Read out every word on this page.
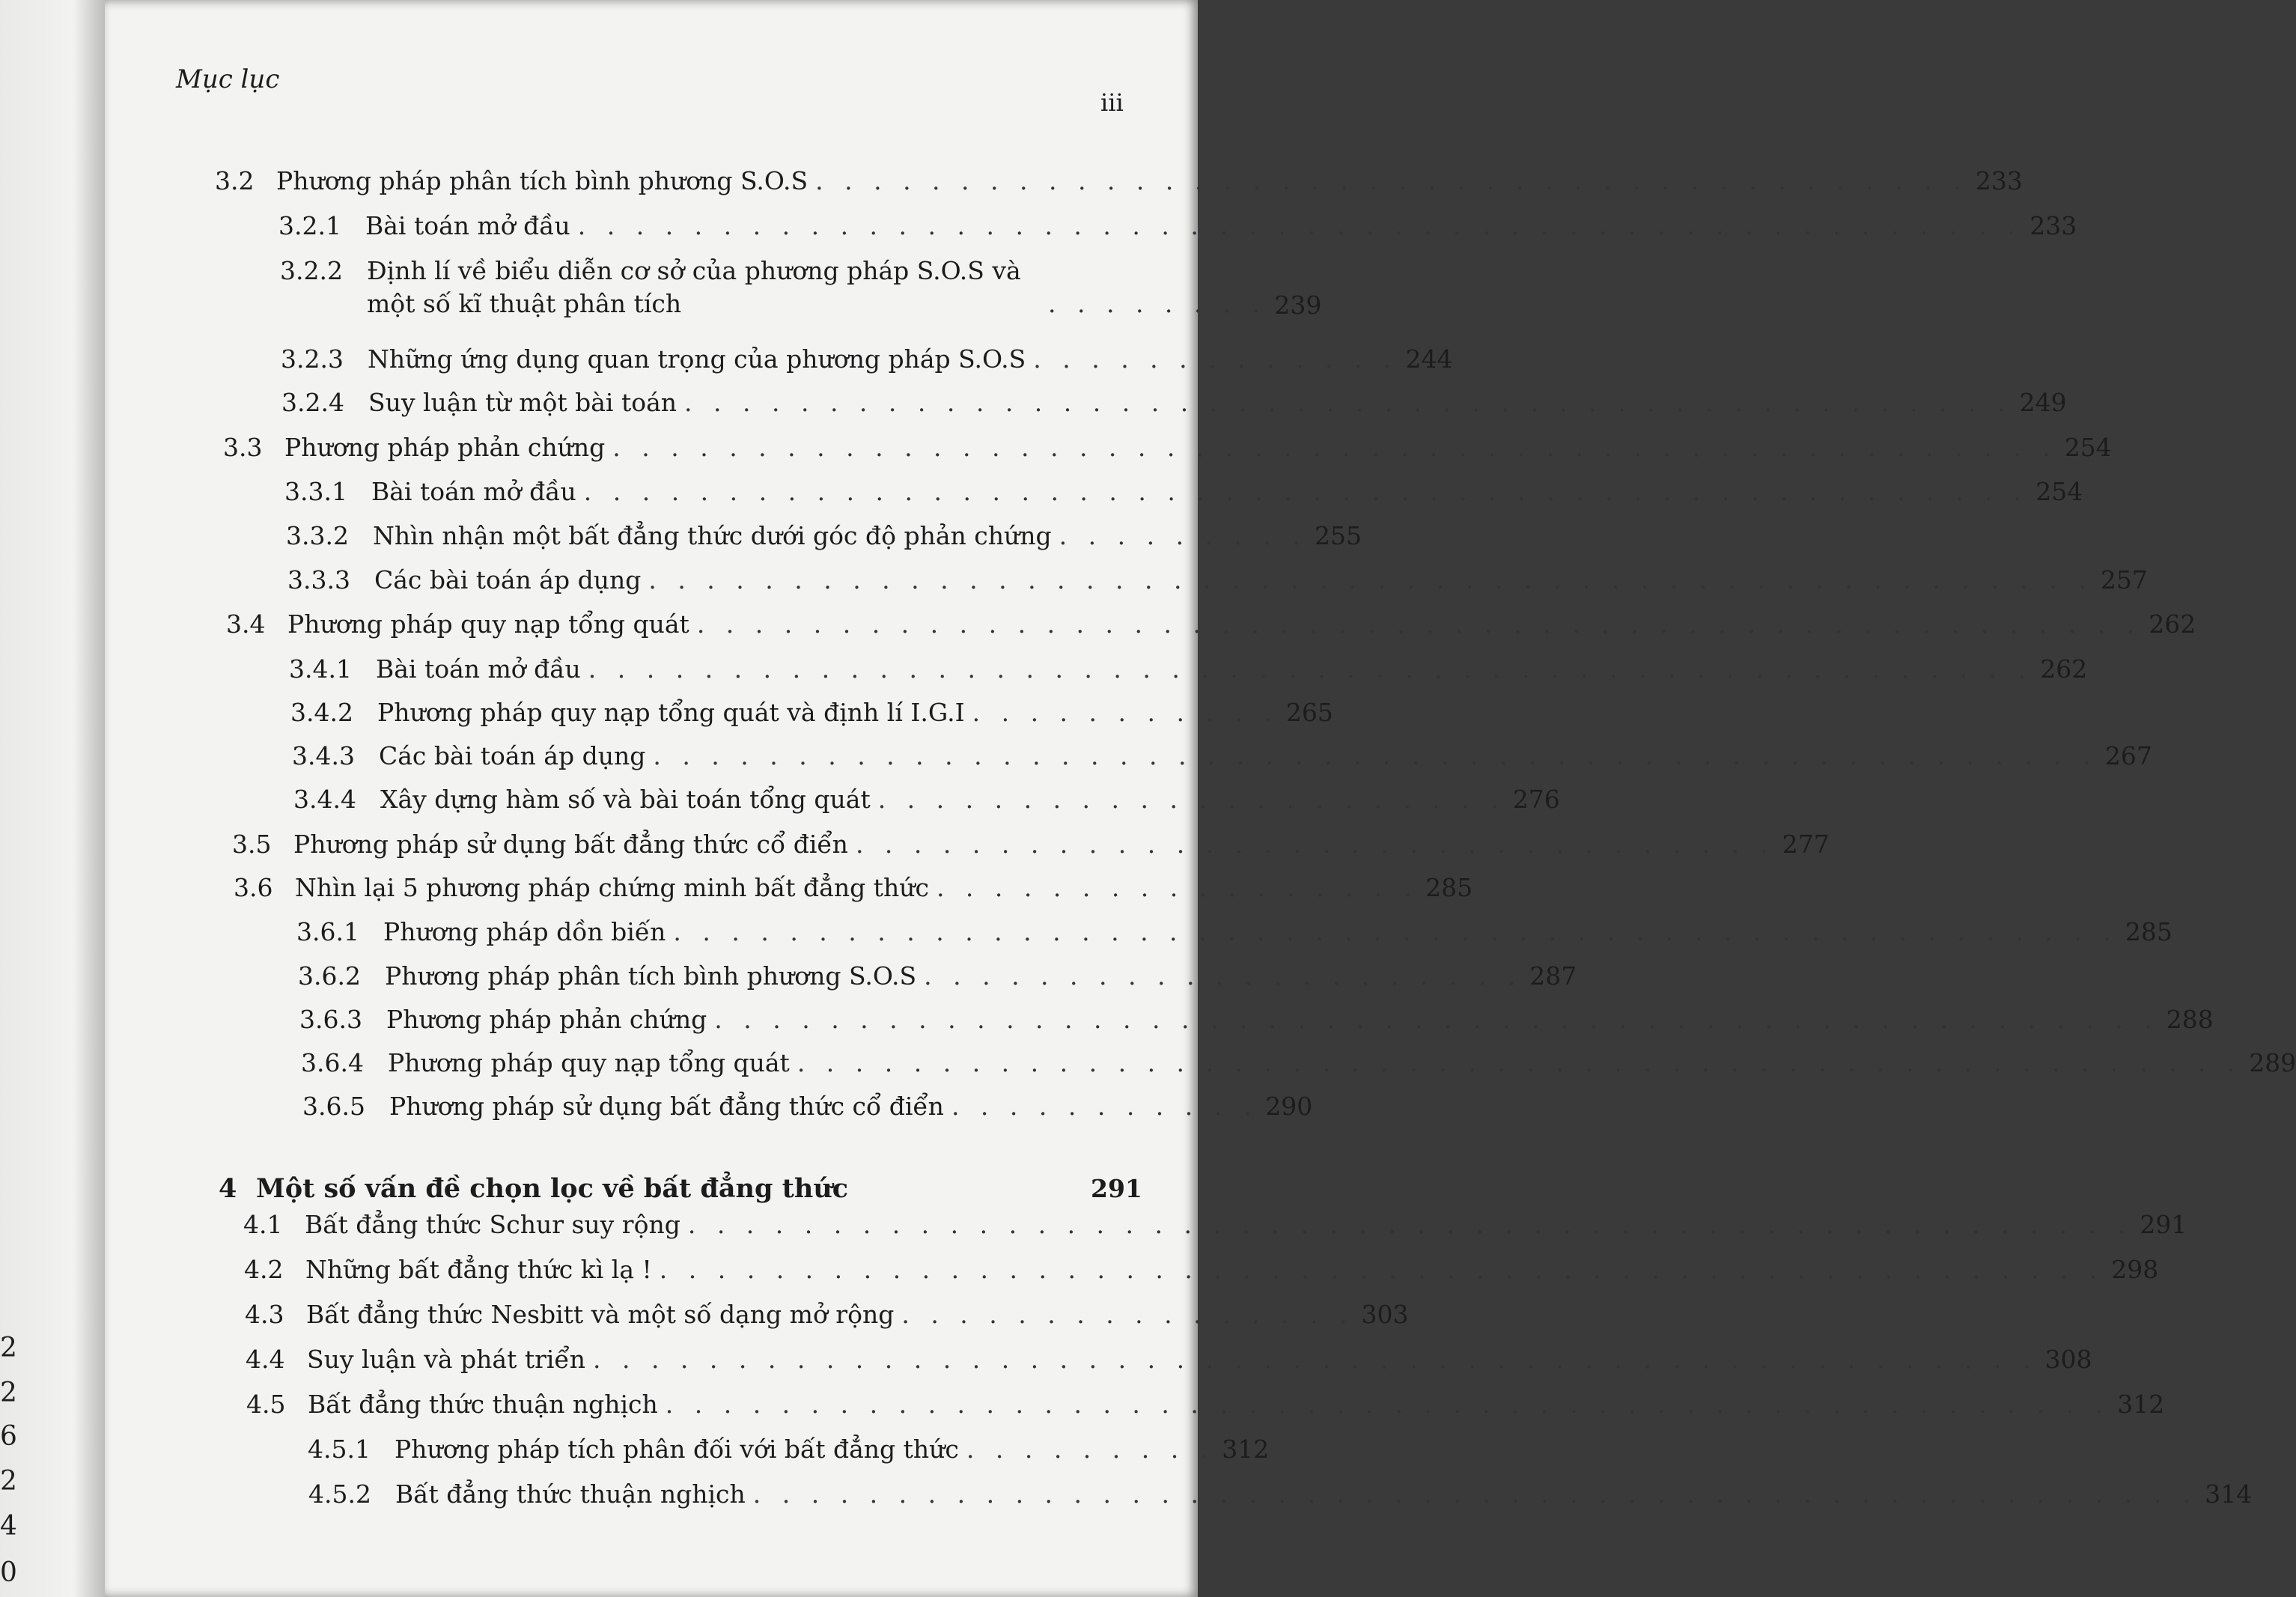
2
2
6
2
4
0
Mục lục
iii
3.2 Phương pháp phân tích bình phương S.O.S . . . . . . . . . . . . . . . . . . . . . . . . . . . . . . . . . . . . . . . . 233
3.2.1 Bài toán mở đầu . . . . . . . . . . . . . . . . . . . . . . . . . . . . . . . . . . . . . . . . . . . . . . . . . . 233
3.2.2 Định lí về biểu diễn cơ sở của phương pháp S.O.S và một số kĩ thuật phân tích	. . . . . . . . 239
3.2.3 Những ứng dụng quan trọng của phương pháp S.O.S . . . . . . . . . . . . . 244
3.2.4 Suy luận từ một bài toán . . . . . . . . . . . . . . . . . . . . . . . . . . . . . . . . . . . . . . . . . . . . . . 249
3.3 Phương pháp phản chứng . . . . . . . . . . . . . . . . . . . . . . . . . . . . . . . . . . . . . . . . . . . . . . . . . . 254
3.3.1 Bài toán mở đầu . . . . . . . . . . . . . . . . . . . . . . . . . . . . . . . . . . . . . . . . . . . . . . . . . . 254
3.3.2 Nhìn nhận một bất đẳng thức dưới góc độ phản chứng . . . . . . . . . 255
3.3.3 Các bài toán áp dụng . . . . . . . . . . . . . . . . . . . . . . . . . . . . . . . . . . . . . . . . . . . . . . . . . . 257
3.4 Phương pháp quy nạp tổng quát . . . . . . . . . . . . . . . . . . . . . . . . . . . . . . . . . . . . . . . . . . . . . . . . . . 262
3.4.1 Bài toán mở đầu . . . . . . . . . . . . . . . . . . . . . . . . . . . . . . . . . . . . . . . . . . . . . . . . . . 262
3.4.2 Phương pháp quy nạp tổng quát và định lí I.G.I . . . . . . . . . . . 265
3.4.3 Các bài toán áp dụng . . . . . . . . . . . . . . . . . . . . . . . . . . . . . . . . . . . . . . . . . . . . . . . . . . 267
3.4.4 Xây dựng hàm số và bài toán tổng quát . . . . . . . . . . . . . . . . . . . . . . 276
3.5 Phương pháp sử dụng bất đẳng thức cổ điển . . . . . . . . . . . . . . . . . . . . . . . . . . . . . . . . 277
3.6 Nhìn lại 5 phương pháp chứng minh bất đẳng thức . . . . . . . . . . . . . . . . . 285
3.6.1 Phương pháp dồn biến . . . . . . . . . . . . . . . . . . . . . . . . . . . . . . . . . . . . . . . . . . . . . . . . . . 285
3.6.2 Phương pháp phân tích bình phương S.O.S . . . . . . . . . . . . . . . . . . . . . 287
3.6.3 Phương pháp phản chứng . . . . . . . . . . . . . . . . . . . . . . . . . . . . . . . . . . . . . . . . . . . . . . . . . . 288
3.6.4 Phương pháp quy nạp tổng quát . . . . . . . . . . . . . . . . . . . . . . . . . . . . . . . . . . . . . . . . . . . . . . . . . . 289
3.6.5 Phương pháp sử dụng bất đẳng thức cổ điển . . . . . . . . . . . 290
4 Một số vấn đề chọn lọc về bất đẳng thức	291
4.1 Bất đẳng thức Schur suy rộng . . . . . . . . . . . . . . . . . . . . . . . . . . . . . . . . . . . . . . . . . . . . . . . . . . 291
4.2 Những bất đẳng thức kì lạ ! . . . . . . . . . . . . . . . . . . . . . . . . . . . . . . . . . . . . . . . . . . . . . . . . . . 298
4.3 Bất đẳng thức Nesbitt và một số dạng mở rộng . . . . . . . . . . . . . . . . 303
4.4 Suy luận và phát triển . . . . . . . . . . . . . . . . . . . . . . . . . . . . . . . . . . . . . . . . . . . . . . . . . . 308
4.5 Bất đẳng thức thuận nghịch . . . . . . . . . . . . . . . . . . . . . . . . . . . . . . . . . . . . . . . . . . . . . . . . . . 312
4.5.1 Phương pháp tích phân đối với bất đẳng thức . . . . . . . . . 312
4.5.2 Bất đẳng thức thuận nghịch . . . . . . . . . . . . . . . . . . . . . . . . . . . . . . . . . . . . . . . . . . . . . . . . . . 314
